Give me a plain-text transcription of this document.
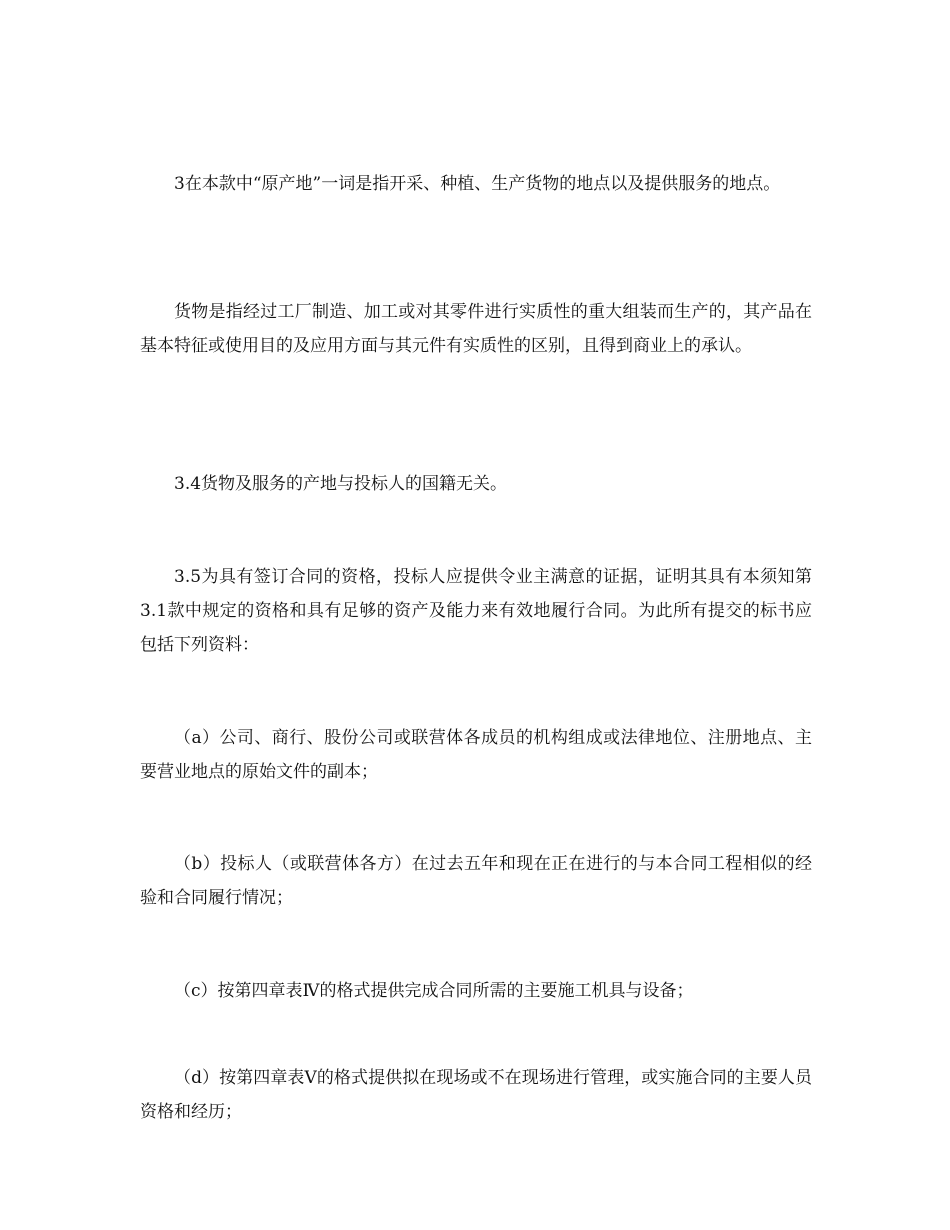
3在本款中“原产地”一词是指开采、种植、生产货物的地点以及提供服务的地点。

货物是指经过工厂制造、加工或对其零件进行实质性的重大组装而生产的，其产品在基本特征或使用目的及应用方面与其元件有实质性的区别，且得到商业上的承认。

3.4货物及服务的产地与投标人的国籍无关。

3.5为具有签订合同的资格，投标人应提供令业主满意的证据，证明其具有本须知第3.1款中规定的资格和具有足够的资产及能力来有效地履行合同。为此所有提交的标书应包括下列资料：

（a）公司、商行、股份公司或联营体各成员的机构组成或法律地位、注册地点、主要营业地点的原始文件的副本；

（b）投标人（或联营体各方）在过去五年和现在正在进行的与本合同工程相似的经验和合同履行情况；

（c）按第四章表Ⅳ的格式提供完成合同所需的主要施工机具与设备；

（d）按第四章表Ⅴ的格式提供拟在现场或不在现场进行管理，或实施合同的主要人员资格和经历；
